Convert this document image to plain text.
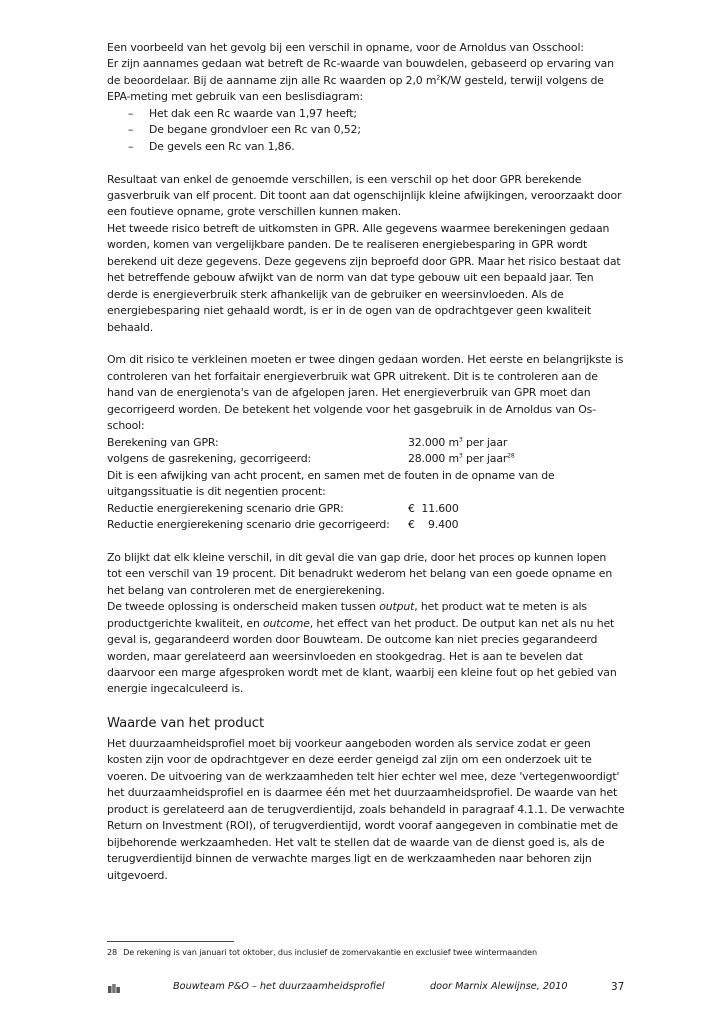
Een voorbeeld van het gevolg bij een verschil in opname, voor de Arnoldus van Osschool:

Er zijn aannames gedaan wat betreft de Rc-waarde van bouwdelen, gebaseerd op ervaring van

de beoordelaar. Bij de aanname zijn alle Rc waarden op 2,0 $m^2K/W$ gesteld, terwijl volgens de

EPA-meting met gebruik van een beslisdiagram:

– Het dak een Rc waarde van 1,97 heeft;
– De begane grondvloer een Rc van 0,52;
– De gevels een Rc van 1,86.

Resultaat van enkel de genoemde verschillen, is een verschil op het door GPR berekende

gasverbruik van elf procent. Dit toont aan dat ogenschijnlijk kleine afwijkingen, veroorzaakt door

een foutieve opname, grote verschillen kunnen maken.

Het tweede risico betreft de uitkomsten in GPR. Alle gegevens waarmee berekeningen gedaan

worden, komen van vergelijkbare panden. De te realiseren energiebesparing in GPR wordt

berekend uit deze gegevens. Deze gegevens zijn beproefd door GPR. Maar het risico bestaat dat

het betreffende gebouw afwijkt van de norm van dat type gebouw uit een bepaald jaar. Ten

derde is energieverbruik sterk afhankelijk van de gebruiker en weersinvloeden. Als de

energiebesparing niet gehaald wordt, is er in de ogen van de opdrachtgever geen kwaliteit

behaald.

Om dit risico te verkleinen moeten er twee dingen gedaan worden. Het eerste en belangrijkste is

controleren van het forfaitair energieverbruik wat GPR uitrekent. Dit is te controleren aan de

hand van de energienota's van de afgelopen jaren. Het energieverbruik van GPR moet dan

gecorrigeerd worden. De betekent het volgende voor het gasgebruik in de Arnoldus van Os-

school:

Berekening van GPR:	32.000 $m^3$ per jaar
volgens de gasrekening, gecorrigeerd:	28.000 $m^3$ per jaar$^{28}$

Dit is een afwijking van acht procent, en samen met de fouten in de opname van de

uitgangssituatie is dit negentien procent:

Reductie energierekening scenario drie GPR:	€  11.600
Reductie energierekening scenario drie gecorrigeerd: €    9.400

Zo blijkt dat elk kleine verschil, in dit geval die van gap drie, door het proces op kunnen lopen

tot een verschil van 19 procent. Dit benadrukt wederom het belang van een goede opname en

het belang van controleren met de energierekening.

De tweede oplossing is onderscheid maken tussen output, het product wat te meten is als

productgerichte kwaliteit, en outcome, het effect van het product. De output kan net als nu het

geval is, gegarandeerd worden door Bouwteam. De outcome kan niet precies gegarandeerd

worden, maar gerelateerd aan weersinvloeden en stookgedrag. Het is aan te bevelen dat

daarvoor een marge afgesproken wordt met de klant, waarbij een kleine fout op het gebied van

energie ingecalculeerd is.

Waarde van het product

Het duurzaamheidsprofiel moet bij voorkeur aangeboden worden als service zodat er geen

kosten zijn voor de opdrachtgever en deze eerder geneigd zal zijn om een onderzoek uit te

voeren. De uitvoering van de werkzaamheden telt hier echter wel mee, deze 'vertegenwoordigt'

het duurzaamheidsprofiel en is daarmee één met het duurzaamheidsprofiel. De waarde van het

product is gerelateerd aan de terugverdientijd, zoals behandeld in paragraaf 4.1.1. De verwachte

Return on Investment (ROI), of terugverdientijd, wordt vooraf aangegeven in combinatie met de

bijbehorende werkzaamheden. Het valt te stellen dat de waarde van de dienst goed is, als de

terugverdientijd binnen de verwachte marges ligt en de werkzaamheden naar behoren zijn

uitgevoerd.

28 De rekening is van januari tot oktober, dus inclusief de zomervakantie en exclusief twee wintermaanden
Bouwteam P&O – het duurzaamheidsprofiel	door Marnix Alewijnse, 2010	37
